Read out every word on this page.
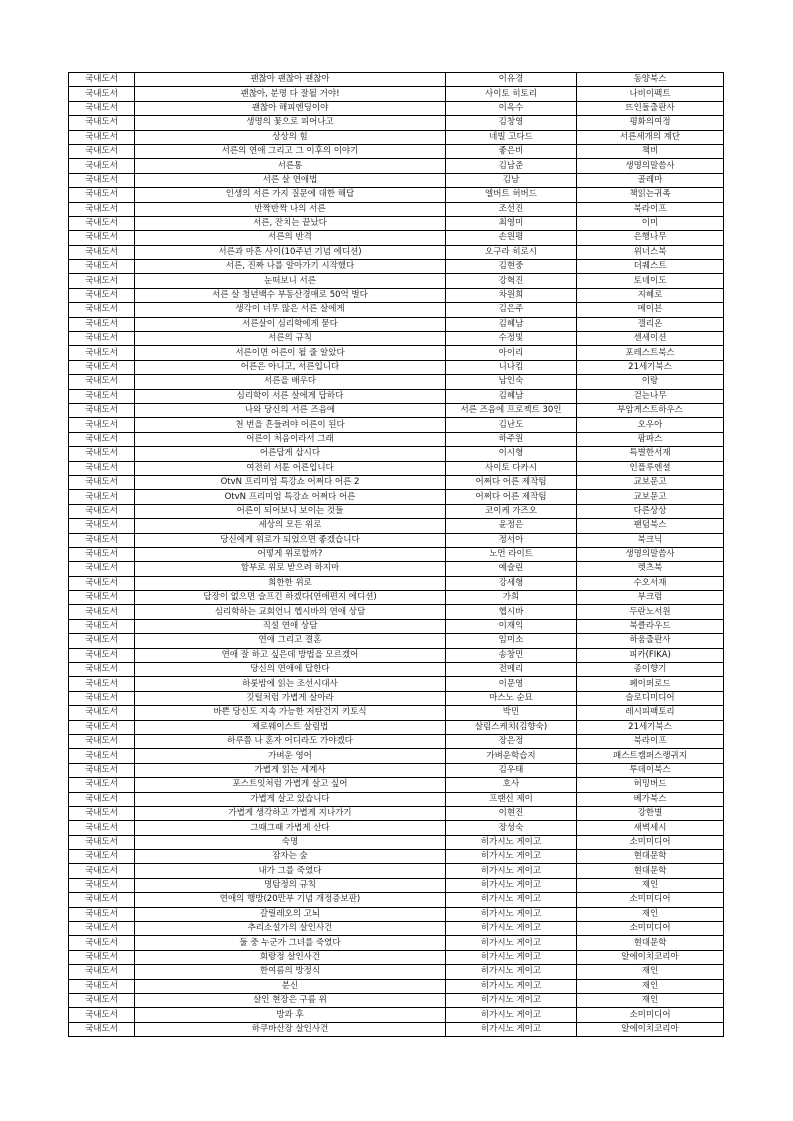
국내도서	괜찮아 괜찮아 괜찮아	이유경	동양북스
국내도서	괜찮아, 분명 다 잘될 거야!	사이토 히토리	나비이펙트
국내도서	괜찮아 해피엔딩이야	이옥수	뜨인돌출판사
국내도서	생명의 꽃으로 피어나고	김창영	평화의여정
국내도서	상상의 힘	네빌 고다드	서른세개의 계단
국내도서	서른의 연애 그리고 그 이후의 이야기	좋은비	책비
국내도서	서른통	김남준	생명의말씀사
국내도서	서른 살 연애법	김남	골레마
국내도서	인생의 서른 가지 질문에 대한 해답	엘버트 허버드	책읽는귀족
국내도서	반짝반짝 나의 서른	조선진	북라이프
국내도서	서른, 잔치는 끝났다	최영미	이미
국내도서	서른의 반격	손원평	은행나무
국내도서	서른과 마흔 사이(10주년 기념 에디션)	오구라 히로시	위너스북
국내도서	서른, 진짜 나를 알아가기 시작했다	김현중	더퀘스트
국내도서	눈떠보니 서른	강혁진	토네이도
국내도서	서른 살 청년백수 부동산경매로 50억 벌다	차원희	지혜로
국내도서	생각이 너무 많은 서른 살에게	김은주	메이븐
국내도서	서른살이 심리학에게 묻다	김혜남	갤리온
국내도서	서른의 규칙	수정빛	센세이션
국내도서	서른이면 어른이 될 줄 알았다	아이리	포레스트북스
국내도서	어른은 아니고, 서른입니다	니나킴	21세기북스
국내도서	서른을 배우다	남인숙	이랑
국내도서	심리학이 서른 살에게 답하다	김혜남	걷는나무
국내도서	나와 당신의 서른 즈음에	서른 즈음에 프로젝트 30인	부암게스트하우스
국내도서	천 번을 흔들려야 어른이 된다	김난도	오우아
국내도서	어른이 처음이라서 그래	하주원	팜파스
국내도서	어른답게 삽시다	이시형	특별한서재
국내도서	여전히 서툰 어른입니다	사이토 다카시	인플루엔셜
국내도서	OtvN 프리미엄 특강쇼 어쩌다 어른 2	어쩌다 어른 제작팀	교보문고
국내도서	OtvN 프리미엄 특강쇼 어쩌다 어른	어쩌다 어른 제작팀	교보문고
국내도서	어른이 되어보니 보이는 것들	코이케 가즈오	다른상상
국내도서	세상의 모든 위로	윤정은	팬덤북스
국내도서	당신에게 위로가 되었으면 좋겠습니다	정서아	북크닉
국내도서	어떻게 위로할까?	노먼 라이트	생명의말씀사
국내도서	함부로 위로 받으려 하지마	예슬린	렛츠북
국내도서	희한한 위로	강세형	수오서재
국내도서	답장이 없으면 슬프긴 하겠다(연애편지 에디션)	가희	부크럼
국내도서	심리학하는 교회언니 헵시바의 연애 상담	헵시바	두란노서원
국내도서	직설 연애 상담	이재익	북클라우드
국내도서	연애 그리고 결혼	임미소	하움출판사
국내도서	연애 잘 하고 싶은데 방법을 모르겠어	송창민	피카(FIKA)
국내도서	당신의 연애에 답한다	전메리	종이향기
국내도서	하룻밤에 읽는 조선시대사	이문영	페이퍼로드
국내도서	깃털처럼 가볍게 살아라	마스노 순묘	슬로디미디어
국내도서	바쁜 당신도 지속 가능한 저탄건지 키토식	박민	레시피팩토리
국내도서	제로웨이스트 살림법	살림스케치(김향숙)	21세기북스
국내도서	하루쯤 나 혼자 어디라도 가야겠다	장은정	북라이프
국내도서	가벼운 영어	가벼운학습지	패스트캠퍼스랭귀지
국내도서	가볍게 읽는 세계사	김우태	투데이북스
국내도서	포스트잇처럼 가볍게 살고 싶어	호사	허밍버드
국내도서	가볍게 살고 있습니다	프랜신 제이	베가북스
국내도서	가볍게 생각하고 가볍게 지나가기	이현진	강한별
국내도서	그때그때 가볍게 산다	장성숙	새벽세시
국내도서	숙명	히가시노 게이고	소미미디어
국내도서	잠자는 숲	히가시노 게이고	현대문학
국내도서	내가 그를 죽였다	히가시노 게이고	현대문학
국내도서	명탐정의 규칙	히가시노 게이고	재인
국내도서	연애의 행방(20만부 기념 개정증보판)	히가시노 게이고	소미미디어
국내도서	갈릴레오의 고뇌	히가시노 게이고	재인
국내도서	추리소설가의 살인사건	히가시노 게이고	소미미디어
국내도서	둘 중 누군가 그녀를 죽였다	히가시노 게이고	현대문학
국내도서	회랑정 살인사건	히가시노 게이고	알에이치코리아
국내도서	한여름의 방정식	히가시노 게이고	재인
국내도서	분신	히가시노 게이고	재인
국내도서	살인 현장은 구름 위	히가시노 게이고	재인
국내도서	방과 후	히가시노 게이고	소미미디어
국내도서	하쿠바산장 살인사건	히가시노 게이고	알에이치코리아
